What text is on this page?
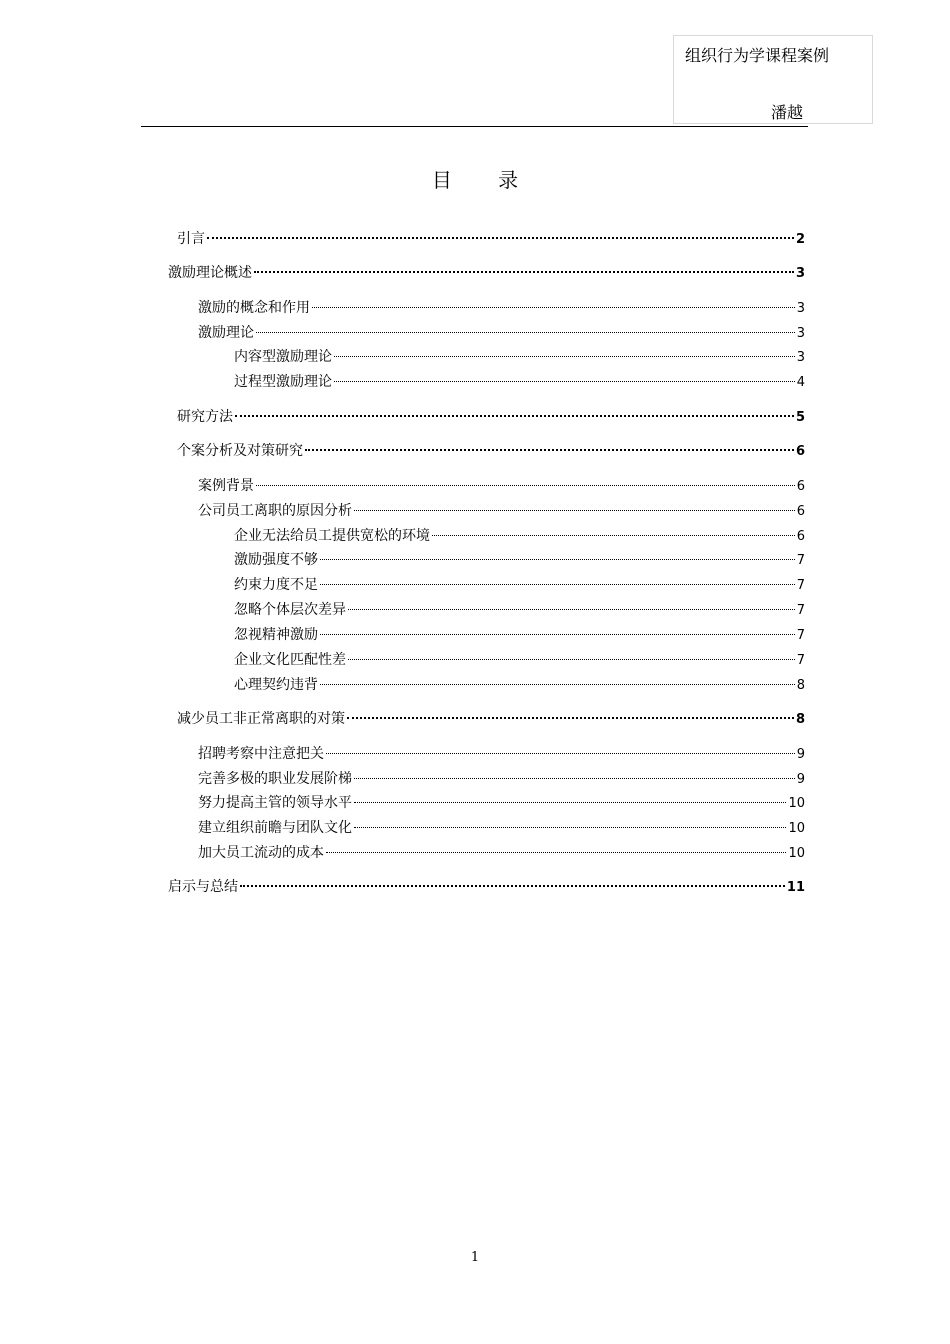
组织行为学课程案例
潘越
目 录
引言	2
激励理论概述	3
激励的概念和作用	3
激励理论	3
内容型激励理论	3
过程型激励理论	4
研究方法	5
个案分析及对策研究	6
案例背景	6
公司员工离职的原因分析	6
企业无法给员工提供宽松的环境	6
激励强度不够	7
约束力度不足	7
忽略个体层次差异	7
忽视精神激励	7
企业文化匹配性差	7
心理契约违背	8
减少员工非正常离职的对策	8
招聘考察中注意把关	9
完善多极的职业发展阶梯	9
努力提高主管的领导水平	10
建立组织前瞻与团队文化	10
加大员工流动的成本	10
启示与总结	11
1
